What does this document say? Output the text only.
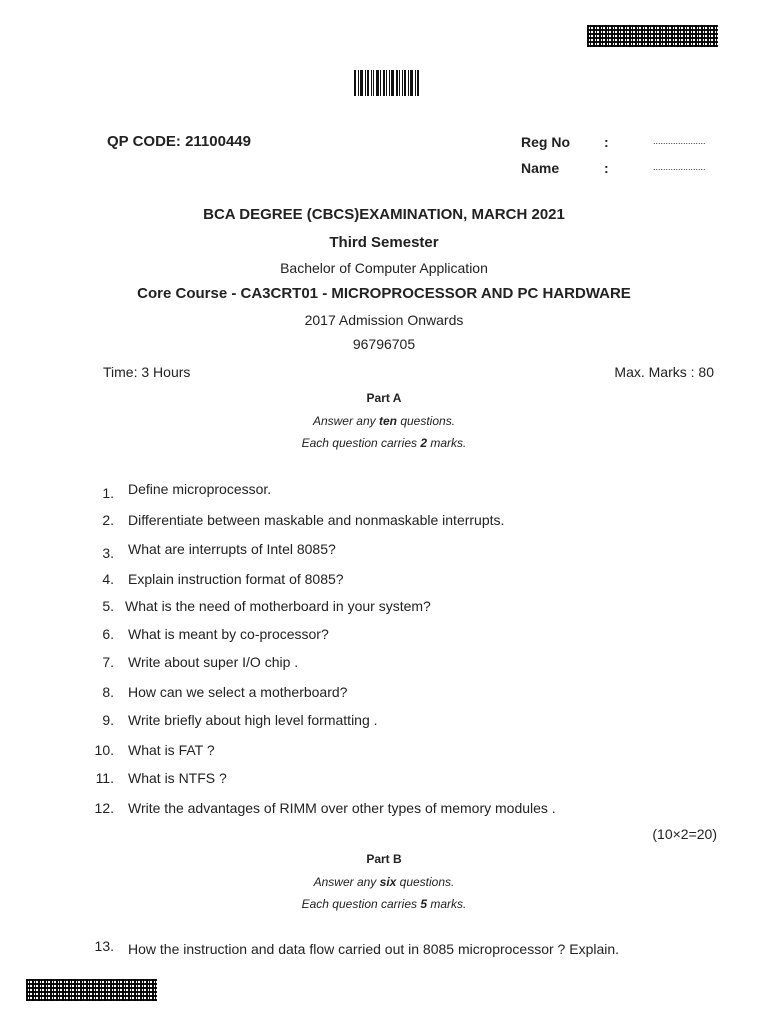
QP CODE: 21100449	Reg No :	.....................
Name	:	.....................
BCA DEGREE (CBCS)EXAMINATION, MARCH 2021
Third Semester
Bachelor of Computer Application
Core Course - CA3CRT01 - MICROPROCESSOR AND PC HARDWARE
2017 Admission Onwards
96796705
Time: 3 Hours	Max. Marks : 80
Part A
Answer any ten questions.
Each question carries 2 marks.
1. Define microprocessor.
2. Differentiate between maskable and nonmaskable interrupts.
3. What are interrupts of Intel 8085?
4. Explain instruction format of 8085?
5. What is the need of motherboard in your system?
6. What is meant by co-processor?
7. Write about super I/O chip .
8. How can we select a motherboard?
9. Write briefly about high level formatting .
10. What is FAT ?
11. What is NTFS ?
12. Write the advantages of RIMM over other types of memory modules .
(10×2=20)
Part B
Answer any six questions.
Each question carries 5 marks.
13. How the instruction and data flow carried out in 8085 microprocessor ? Explain.
